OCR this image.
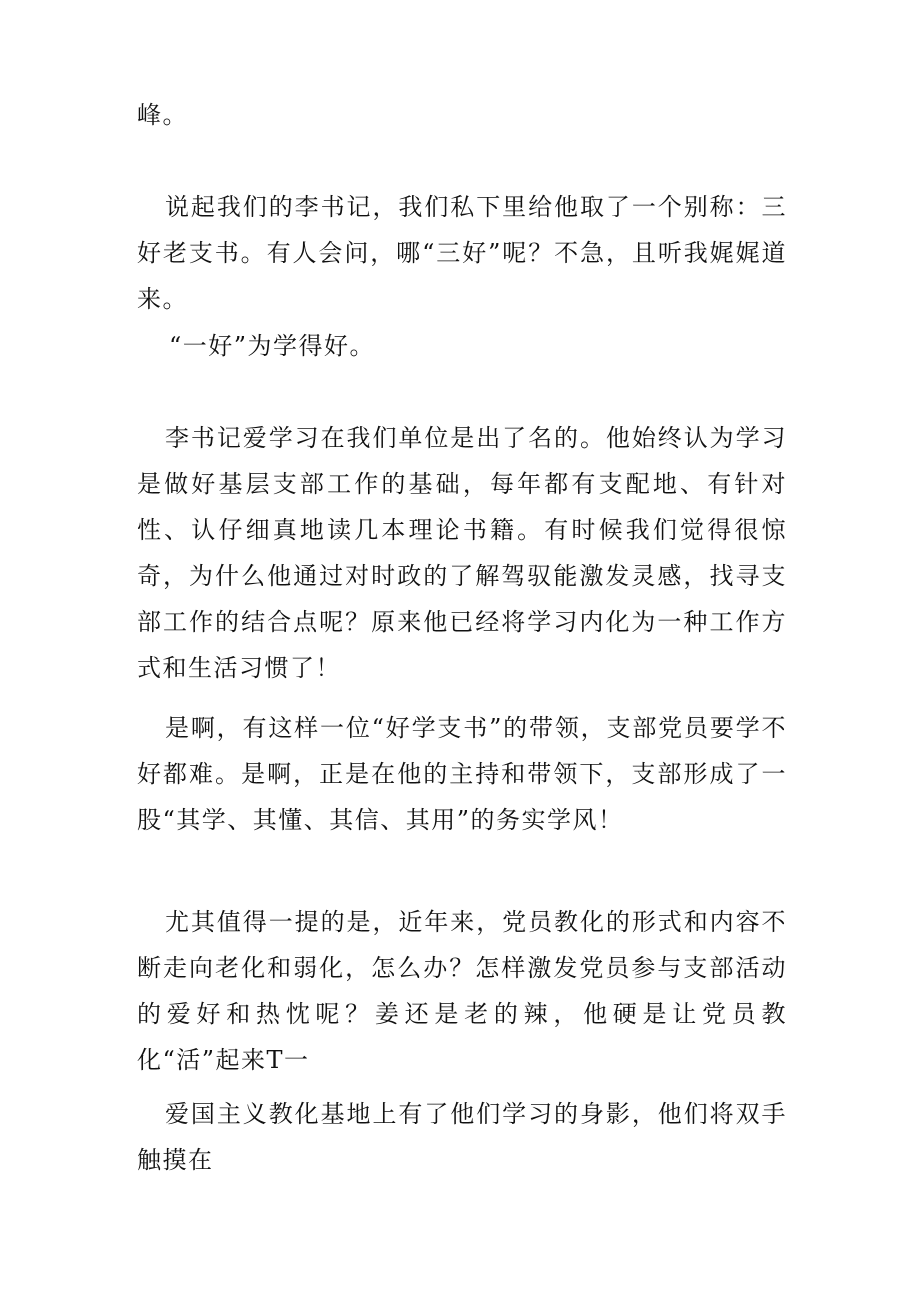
峰。

说起我们的李书记，我们私下里给他取了一个别称：三好老支书。有人会问，哪“三好”呢？不急，且听我娓娓道来。

“一好”为学得好。

李书记爱学习在我们单位是出了名的。他始终认为学习是做好基层支部工作的基础，每年都有支配地、有针对性、认仔细真地读几本理论书籍。有时候我们觉得很惊奇，为什么他通过对时政的了解驾驭能激发灵感，找寻支部工作的结合点呢？原来他已经将学习内化为一种工作方式和生活习惯了！

是啊，有这样一位“好学支书”的带领，支部党员要学不好都难。是啊，正是在他的主持和带领下，支部形成了一股“其学、其懂、其信、其用”的务实学风！

尤其值得一提的是，近年来，党员教化的形式和内容不断走向老化和弱化，怎么办？怎样激发党员参与支部活动的爱好和热忱呢？姜还是老的辣，他硬是让党员教化“活”起来T一

爱国主义教化基地上有了他们学习的身影，他们将双手触摸在
